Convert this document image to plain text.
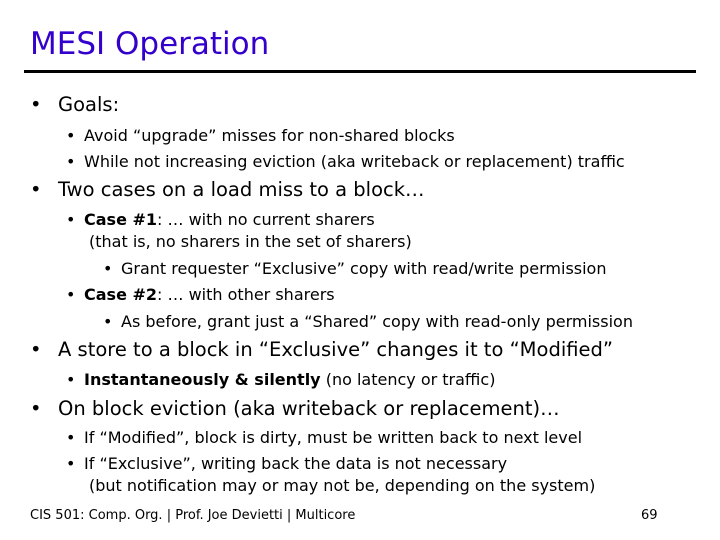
MESI Operation
• Goals:
• Avoid “upgrade” misses for non-shared blocks
• While not increasing eviction (aka writeback or replacement) traffic
• Two cases on a load miss to a block…
• Case #1: … with no current sharers
(that is, no sharers in the set of sharers)
• Grant requester “Exclusive” copy with read/write permission
• Case #2: … with other sharers
• As before, grant just a “Shared” copy with read-only permission
• A store to a block in “Exclusive” changes it to “Modified”
• Instantaneously & silently (no latency or traffic)
• On block eviction (aka writeback or replacement)…
• If “Modified”, block is dirty, must be written back to next level
• If “Exclusive”, writing back the data is not necessary
(but notification may or may not be, depending on the system)
CIS 501: Comp. Org. | Prof. Joe Devietti | Multicore	69
